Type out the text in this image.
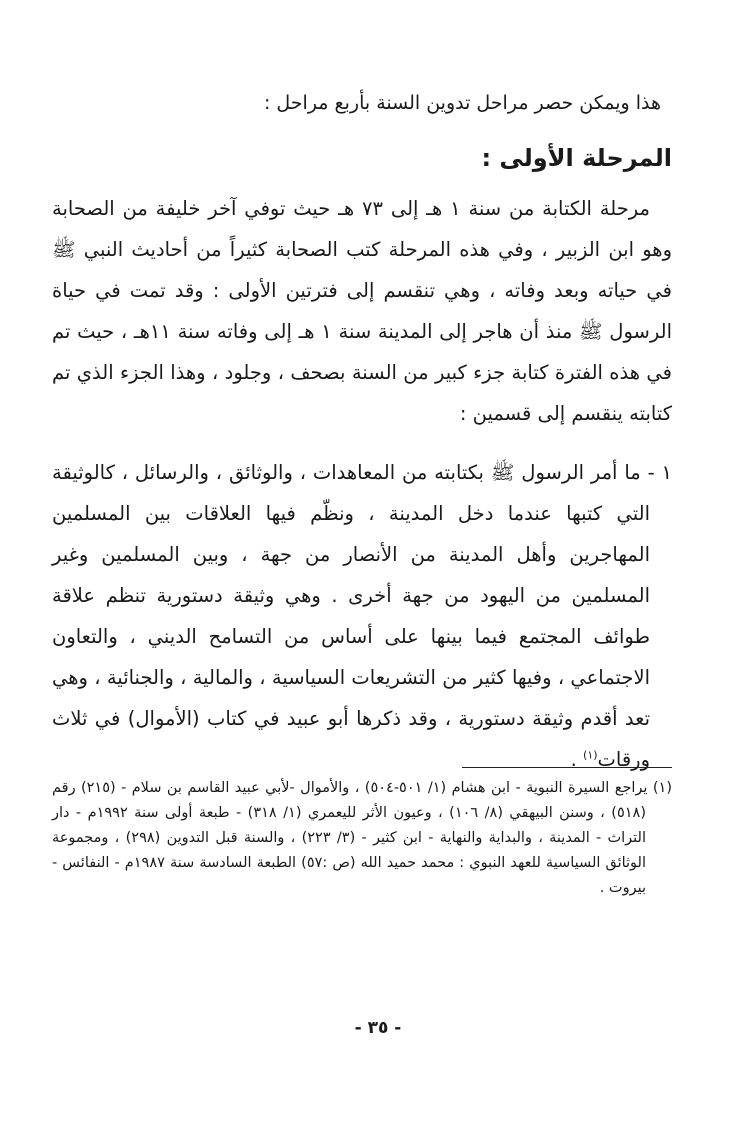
هذا ويمكن حصر مراحل تدوين السنة بأربع مراحل :

المرحلة الأولى :

مرحلة الكتابة من سنة ١ هـ إلى ٧٣ هـ حيث توفي آخر خليفة من الصحابة وهو ابن الزبير ، وفي هذه المرحلة كتب الصحابة كثيراً من أحاديث النبي ﷺ في حياته وبعد وفاته ، وهي تنقسم إلى فترتين الأولى : وقد تمت في حياة الرسول ﷺ منذ أن هاجر إلى المدينة سنة ١ هـ إلى وفاته سنة ١١هـ ، حيث تم في هذه الفترة كتابة جزء كبير من السنة بصحف ، وجلود ، وهذا الجزء الذي تم كتابته ينقسم إلى قسمين :

١ - ما أمر الرسول ﷺ بكتابته من المعاهدات ، والوثائق ، والرسائل ، كالوثيقة التي كتبها عندما دخل المدينة ، ونظّم فيها العلاقات بين المسلمين المهاجرين وأهل المدينة من الأنصار من جهة ، وبين المسلمين وغير المسلمين من اليهود من جهة أخرى . وهي وثيقة دستورية تنظم علاقة طوائف المجتمع فيما بينها على أساس من التسامح الديني ، والتعاون الاجتماعي ، وفيها كثير من التشريعات السياسية ، والمالية ، والجنائية ، وهي تعد أقدم وثيقة دستورية ، وقد ذكرها أبو عبيد في كتاب (الأموال) في ثلاث ورقات$^{(١)}$ .

(١) يراجع السيرة النبوية - ابن هشام (١/ ٥٠١-٥٠٤) ، والأموال -لأبي عبيد القاسم بن سلام - (٢١٥) رقم (٥١٨) ، وسنن البيهقي (٨/ ١٠٦) ، وعيون الأثر لليعمري (١/ ٣١٨) - طبعة أولى سنة ١٩٩٢م - دار التراث - المدينة ، والبداية والنهاية - ابن كثير - (٣/ ٢٢٣) ، والسنة قبل التدوين (٢٩٨) ، ومجموعة الوثائق السياسية للعهد النبوي : محمد حميد الله (ص :٥٧) الطبعة السادسة سنة ١٩٨٧م - النفائس - بيروت .

- ٣٥ -
